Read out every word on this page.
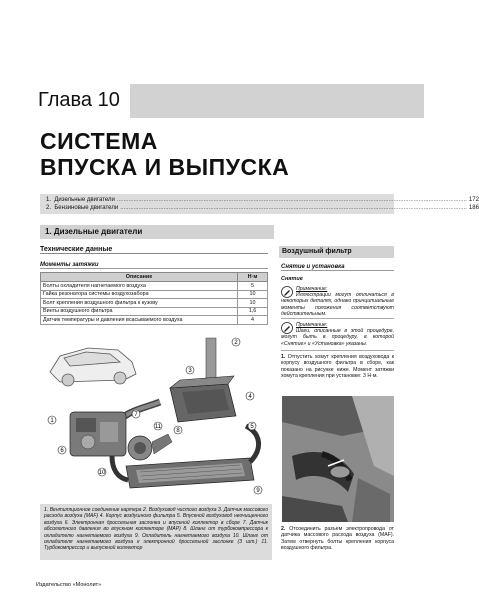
Глава 10
СИСТЕМА
ВПУСКА И ВЫПУСКА
1.
Дизельные двигатели .................................................................................................................................................................................................................. 172
2.
Бензиновые двигатели ................................................................................................................................................................................................................ 186
1. Дизельные двигатели
Технические данные
Моменты затяжки
Описание	Н·м
Болты охладителя нагнетаемого воздуха	5
Гайка резонатора системы воздухозабора	10
Болт крепления воздушного фильтра к кузову	10
Винты воздушного фильтра	1,6
Датчик температуры и давления всасываемого воздуха	4
1
2
3
4
5
6
7
8
9
10
11
1. Вентиляционное соединение картера 2. Воздуховод чистого воздуха 3. Датчик массового расхода воздуха (MAF) 4. Корпус воздушного фильтра 5. Впускной воздуховод неочищенного воздуха 6. Электронная дроссельная заслонка и впускной коллектор в сборе 7. Датчик абсолютного давления во впускном коллекторе (MAP) 8. Шланг от турбокомпрессора к охладителю нагнетаемого воздуха 9. Охладитель нагнетаемого воздуха 10. Шланг от охладителя нагнетаемого воздуха к электронной дроссельной заслонке (3 шт.) 11. Турбокомпрессор и выпускной коллектор
Воздушный фильтр
Снятие и установка
Снятие
Примечание:
Иллюстрации могут отличаться в некоторых деталях, однако принципиальные моменты положения соответствуют действительным.
Примечание:
Шаги, описанные в этой процедуре, могут быть в процедуру, в которой «Снятие» и «Установка» указаны.
1. Отпустить хомут крепления воздуховода к корпусу воздушного фильтра в сборе, как показано на рисунке ниже. Момент затяжки хомута крепления при установке: 3 Н·м.
2. Отсоединить разъем электропровода от датчика массового расхода воздуха (MAF). Затем отвернуть болты крепления корпуса воздушного фильтра.
Издательство «Монолит»
